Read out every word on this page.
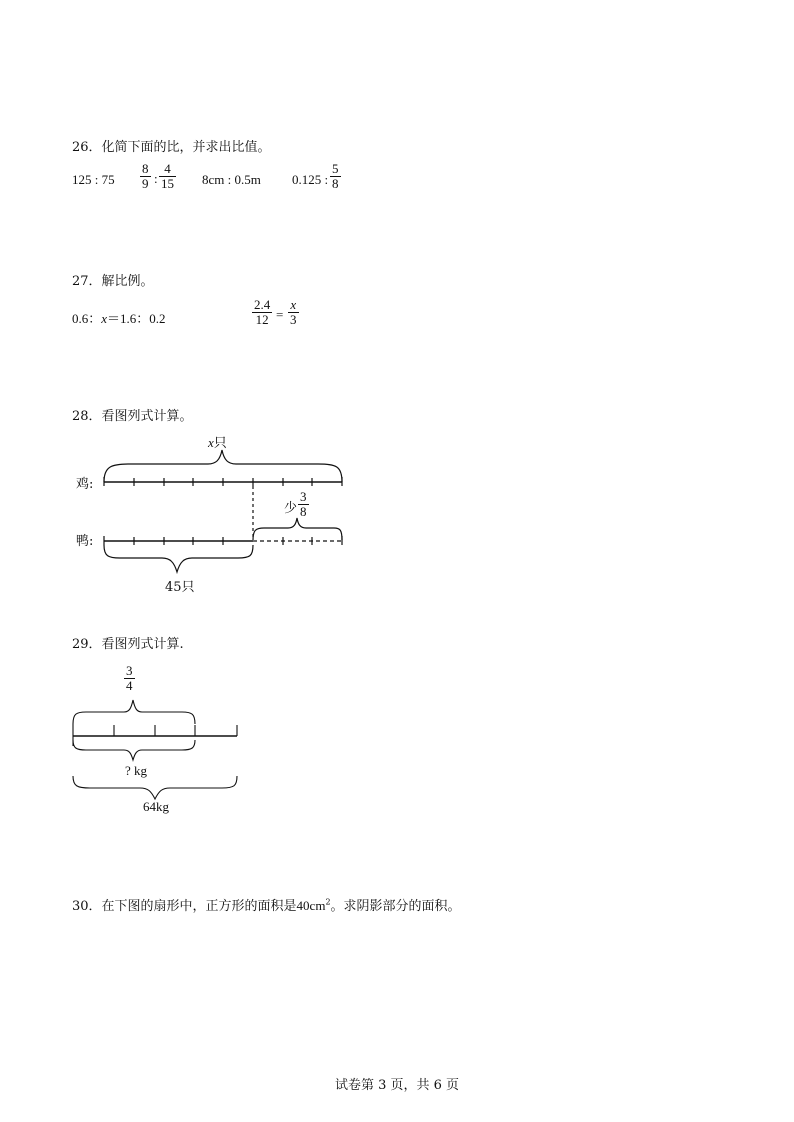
26．化简下面的比，并求出比值。
125 : 75
8
9 :
4
15 8cm : 0.5m 0.125 :
5
8
27．解比例。
0.6：x＝1.6：0.2
2.4
12 =
x
3
28．看图列式计算。
x只
鸡:
鸭:
少
3
8
45只
29．看图列式计算.
3
4
? kg
64kg
30．在下图的扇形中，正方形的面积是$40cm^2$。求阴影部分的面积。
试卷第 3 页，共 6 页
